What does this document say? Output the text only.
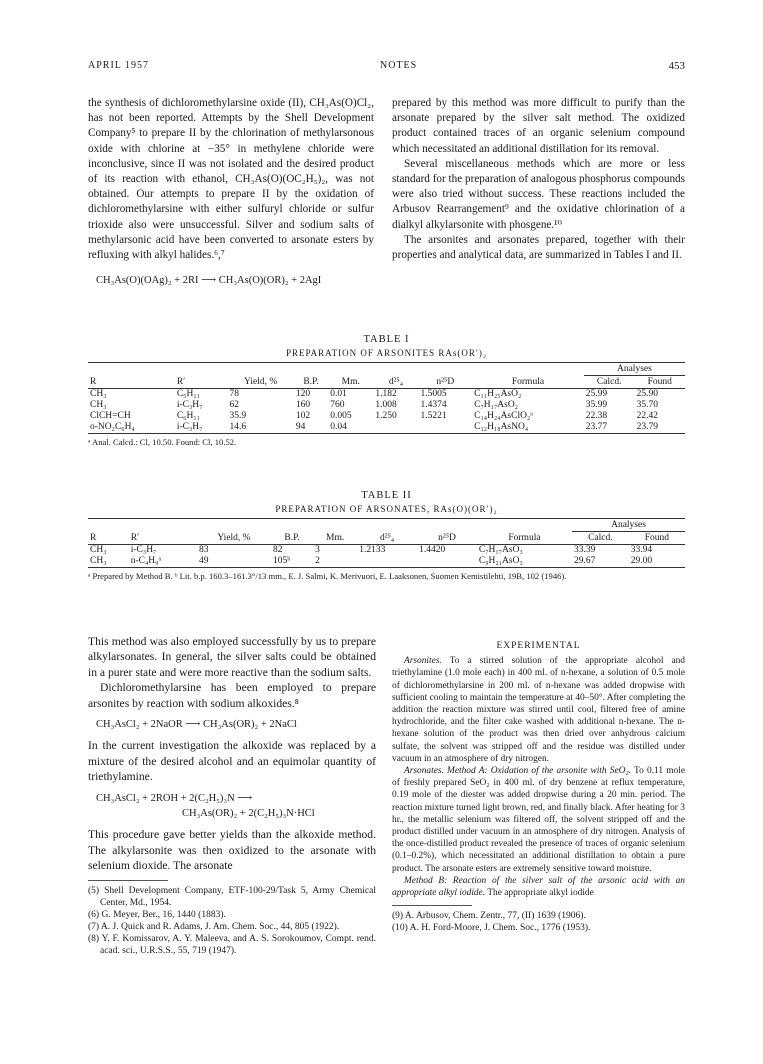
APRIL 1957	NOTES	453

the synthesis of dichloromethylarsine oxide (II), CH₃As(O)Cl₂, has not been reported. Attempts by the Shell Development Company⁵ to prepare II by the chlorination of methylarsonous oxide with chlorine at −35° in methylene chloride were inconclusive, since II was not isolated and the desired product of its reaction with ethanol, CH₃As(O)(OC₂H₅)₂, was not obtained. Our attempts to prepare II by the oxidation of dichloromethylarsine with either sulfuryl chloride or sulfur trioxide also were unsuccessful. Silver and sodium salts of methylarsonic acid have been converted to arsonate esters by refluxing with alkyl halides.⁶,⁷

CH₃As(O)(OAg)₂ + 2RI ⟶ CH₃As(O)(OR)₂ + 2AgI

prepared by this method was more difficult to purify than the arsonate prepared by the silver salt method. The oxidized product contained traces of an organic selenium compound which necessitated an additional distillation for its removal.

Several miscellaneous methods which are more or less standard for the preparation of analogous phosphorus compounds were also tried without success. These reactions included the Arbusov Rearrangement⁹ and the oxidative chlorination of a dialkyl alkylarsonite with phosgene.¹⁰

The arsonites and arsonates prepared, together with their properties and analytical data, are summarized in Tables I and II.

TABLE I
PREPARATION OF ARSONITES RAs(OR′)₂
								Analyses	
R	R′	Yield, %	B.P.	Mm.	d²⁵₄	n²⁵D	Formula	Calcd.	Found
CH₃	C₅H₁₁	78	120	0.01	1.182	1.5005	C₁₁H₂₅AsO₂	25.99	25.90
CH₃	i-C₃H₇	62	160	760	1.008	1.4374	C₇H₁₇AsO₂	35.99	35.70
ClCH=CH	C₆H₁₁	35.9	102	0.005	1.250	1.5221	C₁₄H₂₄AsClO₂ᵃ	22.38	22.42
o-NO₂C₆H₄	i-C₃H₇	14.6	94	0.04			C₁₂H₁₈AsNO₄	23.77	23.79
ᵃ Anal. Calcd.: Cl, 10.50. Found: Cl, 10.52.
TABLE II
PREPARATION OF ARSONATES, RAs(O)(OR′)₂
								Analyses	
R	R′	Yield, %	B.P.	Mm.	d²⁵₄	n²⁵D	Formula	Calcd.	Found
CH₃	i-C₃H₇	83	82	3	1.2133	1.4420	C₇H₁₇AsO₃	33.39	33.94
CH₃	n-C₄H₉ᵃ	49	105ᵇ	2			C₉H₂₁AsO₃	29.67	29.00
ᵃ Prepared by Method B. ᵇ Lit. b.p. 160.3–161.3°/13 mm., E. J. Salmi, K. Merivuori, E. Laaksonen, Suomen Kemistilehti, 19B, 102 (1946).

This method was also employed successfully by us to prepare alkylarsonates. In general, the silver salts could be obtained in a purer state and were more reactive than the sodium salts.

Dichloromethylarsine has been employed to prepare arsonites by reaction with sodium alkoxides.⁸

CH₃AsCl₂ + 2NaOR ⟶ CH₃As(OR)₂ + 2NaCl

In the current investigation the alkoxide was replaced by a mixture of the desired alcohol and an equimolar quantity of triethylamine.

CH₃AsCl₂ + 2ROH + 2(C₂H₅)₃N ⟶
CH₃As(OR)₂ + 2(C₂H₅)₃N·HCl

This procedure gave better yields than the alkoxide method. The alkylarsonite was then oxidized to the arsonate with selenium dioxide. The arsonate

(5) Shell Development Company, ETF-100-29/Task 5, Army Chemical Center, Md., 1954.

(6) G. Meyer, Ber., 16, 1440 (1883).

(7) A. J. Quick and R. Adams, J. Am. Chem. Soc., 44, 805 (1922).

(8) Y. F. Komissarov, A. Y. Maleeva, and A. S. Sorokoumov, Compt. rend. acad. sci., U.R.S.S., 55, 719 (1947).

EXPERIMENTAL

Arsonites. To a stirred solution of the appropriate alcohol and triethylamine (1.0 mole each) in 400 ml. of n-hexane, a solution of 0.5 mole of dichloromethylarsine in 200 ml. of n-hexane was added dropwise with sufficient cooling to maintain the temperature at 40–50°. After completing the addition the reaction mixture was stirred until cool, filtered free of amine hydrochloride, and the filter cake washed with additional n-hexane. The n-hexane solution of the product was then dried over anhydrous calcium sulfate, the solvent was stripped off and the residue was distilled under vacuum in an atmosphere of dry nitrogen.

Arsonates. Method A: Oxidation of the arsonite with SeO₂. To 0.11 mole of freshly prepared SeO₂ in 400 ml. of dry benzene at reflux temperature, 0.19 mole of the diester was added dropwise during a 20 min. period. The reaction mixture turned light brown, red, and finally black. After heating for 3 hr., the metallic selenium was filtered off, the solvent stripped off and the product distilled under vacuum in an atmosphere of dry nitrogen. Analysis of the once-distilled product revealed the presence of traces of organic selenium (0.1–0.2%), which necessitated an additional distillation to obtain a pure product. The arsonate esters are extremely sensitive toward moisture.

Method B: Reaction of the silver salt of the arsonic acid with an appropriate alkyl iodide. The appropriate alkyl iodide

(9) A. Arbusov, Chem. Zentr., 77, (II) 1639 (1906).

(10) A. H. Ford-Moore, J. Chem. Soc., 1776 (1953).
